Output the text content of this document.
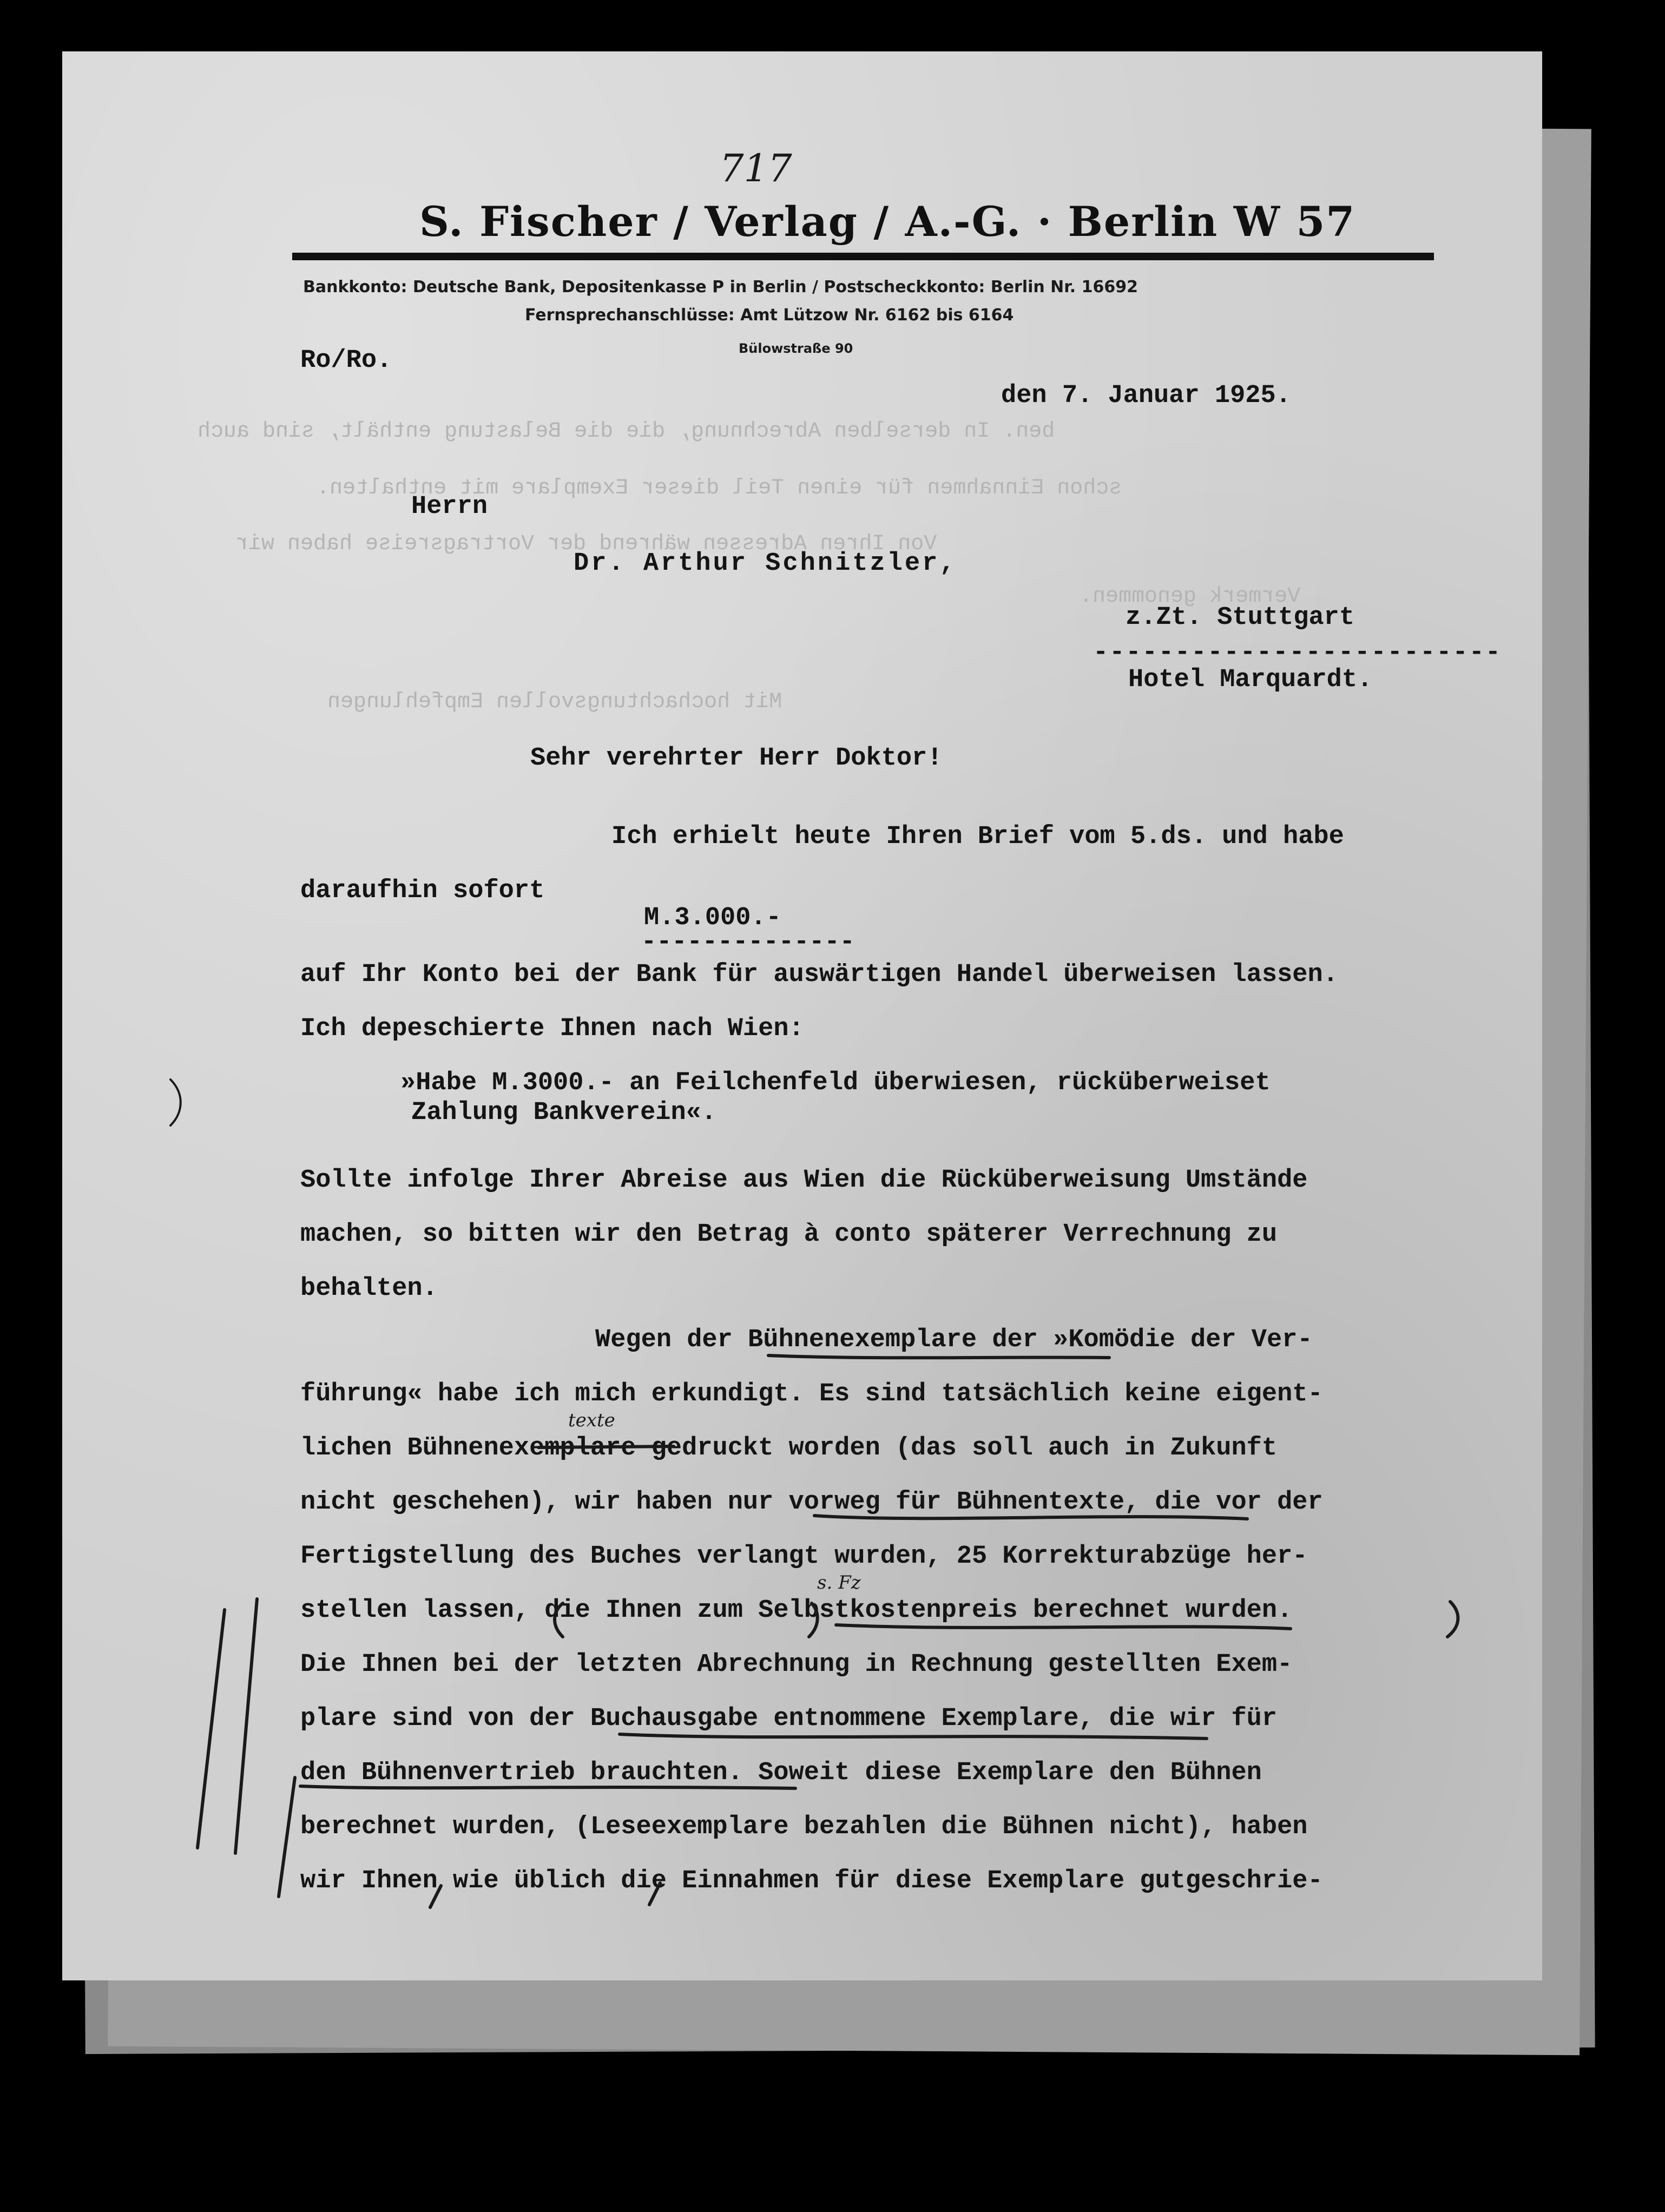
ben. In derselben Abrechnung, die die Belastung enthält, sind auch
schon Einnahmen für einen Teil dieser Exemplare mit enthalten.
Von Ihren Adressen während der Vortragsreise haben wir
Vermerk genommen.
Mit hochachtungsvollen Empfehlungen
717
S. Fischer / Verlag / A.-G. · Berlin W 57
Bankkonto: Deutsche Bank, Depositenkasse P in Berlin / Postscheckkonto: Berlin Nr. 16692
Fernsprechanschlüsse: Amt Lützow Nr. 6162 bis 6164
Bülowstraße 90
Ro/Ro.
den 7. Januar 1925.
Herrn
Dr. Arthur Schnitzler,
z.Zt. Stuttgart
-------------------------
Hotel Marquardt.
Sehr verehrter Herr Doktor!
Ich erhielt heute Ihren Brief vom 5.ds. und habe
daraufhin sofort
M.3.000.-
--------------
auf Ihr Konto bei der Bank für auswärtigen Handel überweisen lassen.
Ich depeschierte Ihnen nach Wien:
»Habe M.3000.- an Feilchenfeld überwiesen, rücküberweiset
Zahlung Bankverein«.
Sollte infolge Ihrer Abreise aus Wien die Rücküberweisung Umstände
machen, so bitten wir den Betrag à conto späterer Verrechnung zu
behalten.
Wegen der Bühnenexemplare der »Komödie der Ver-
führung« habe ich mich erkundigt. Es sind tatsächlich keine eigent-
lichen Bühnenexemplare gedruckt worden (das soll auch in Zukunft
nicht geschehen), wir haben nur vorweg für Bühnentexte, die vor der
Fertigstellung des Buches verlangt wurden, 25 Korrekturabzüge her-
stellen lassen, die Ihnen zum Selbstkostenpreis berechnet wurden.
Die Ihnen bei der letzten Abrechnung in Rechnung gestellten Exem-
plare sind von der Buchausgabe entnommene Exemplare, die wir für
den Bühnenvertrieb brauchten. Soweit diese Exemplare den Bühnen
berechnet wurden, (Leseexemplare bezahlen die Bühnen nicht), haben
wir Ihnen wie üblich die Einnahmen für diese Exemplare gutgeschrie-
texte
s. Fz
